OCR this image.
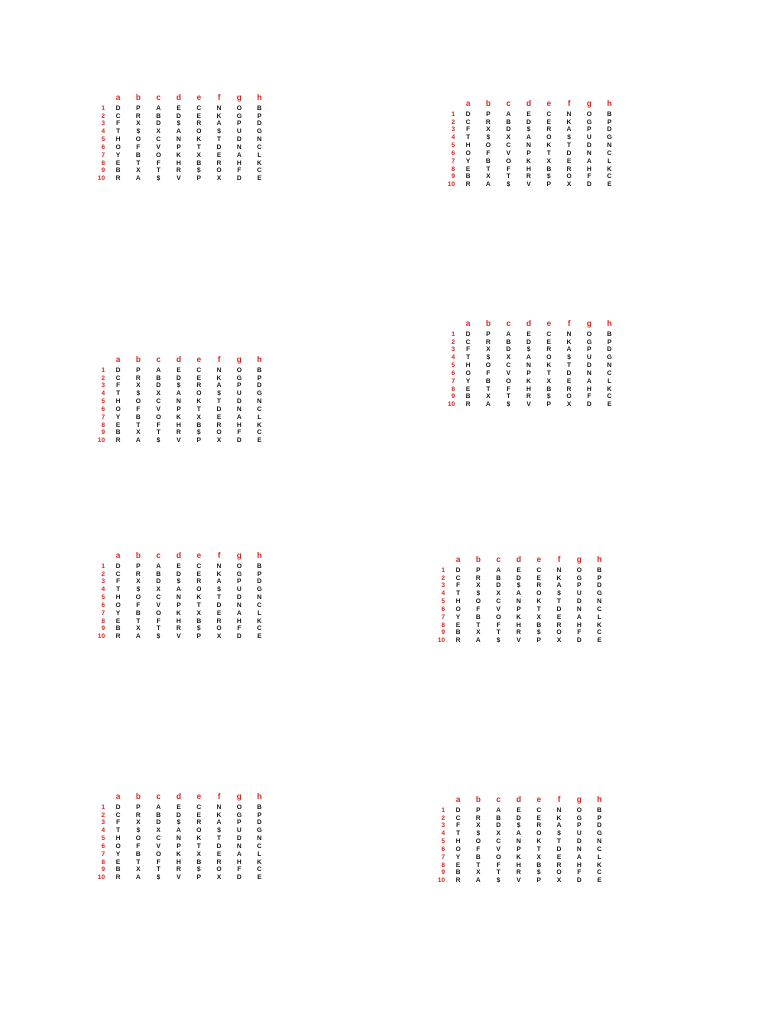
a b c d e f g h
1	D P A E C N O B
2	C R B D E K G P
3	F X D $ R A P D
4	T	$ X A O $ U G
5	H O C N K T D N
6	O F V P T D N C
7	Y B O K X E A L
8	E T F H B R H K
9	B X T R $ O F C
10	R A $ V P X D E
a b c d e f g h
1	D P A E C N O B
2	C R B D E K G P
3	F X D $ R A P D
4	T	$ X A O $ U G
5	H O C N K T D N
6	O F V P T D N C
7	Y B O K X E A L
8	E T F H B R H K
9	B X T R $ O F C
10	R A $ V P X D E
a b c d e f g h
1	D P A E C N O B
2	C R B D E K G P
3	F X D $ R A P D
4	T	$ X A O $ U G
5	H O C N K T D N
6	O F V P T D N C
7	Y B O K X E A L
8	E T F H B R H K
9	B X T R $ O F C
10	R A $ V P X D E
a b c d e f g h
1	D P A E C N O B
2	C R B D E K G P
3	F X D $ R A P D
4	T	$ X A O $ U G
5	H O C N K T D N
6	O F V P T D N C
7	Y B O K X E A L
8	E T F H B R H K
9	B X T R $ O F C
10	R A $ V P X D E
a b c d e f g h
1	D P A E C N O B
2	C R B D E K G P
3	F X D $ R A P D
4	T	$ X A O $ U G
5	H O C N K T D N
6	O F V P T D N C
7	Y B O K X E A L
8	E T F H B R H K
9	B X T R $ O F C
10	R A $ V P X D E
a b c d e f g h
1	D P A E C N O B
2	C R B D E K G P
3	F X D $ R A P D
4	T	$ X A O $ U G
5	H O C N K T D N
6	O F V P T D N C
7	Y B O K X E A L
8	E T F H B R H K
9	B X T R $ O F C
10	R A $ V P X D E
a b c d e f g h
1	D P A E C N O B
2	C R B D E K G P
3	F X D $ R A P D
4	T	$ X A O $ U G
5	H O C N K T D N
6	O F V P T D N C
7	Y B O K X E A L
8	E T F H B R H K
9	B X T R $ O F C
10	R A $ V P X D E
a b c d e f g h
1	D P A E C N O B
2	C R B D E K G P
3	F X D $ R A P D
4	T	$ X A O $ U G
5	H O C N K T D N
6	O F V P T D N C
7	Y B O K X E A L
8	E T F H B R H K
9	B X T R $ O F C
10	R A $ V P X D E
